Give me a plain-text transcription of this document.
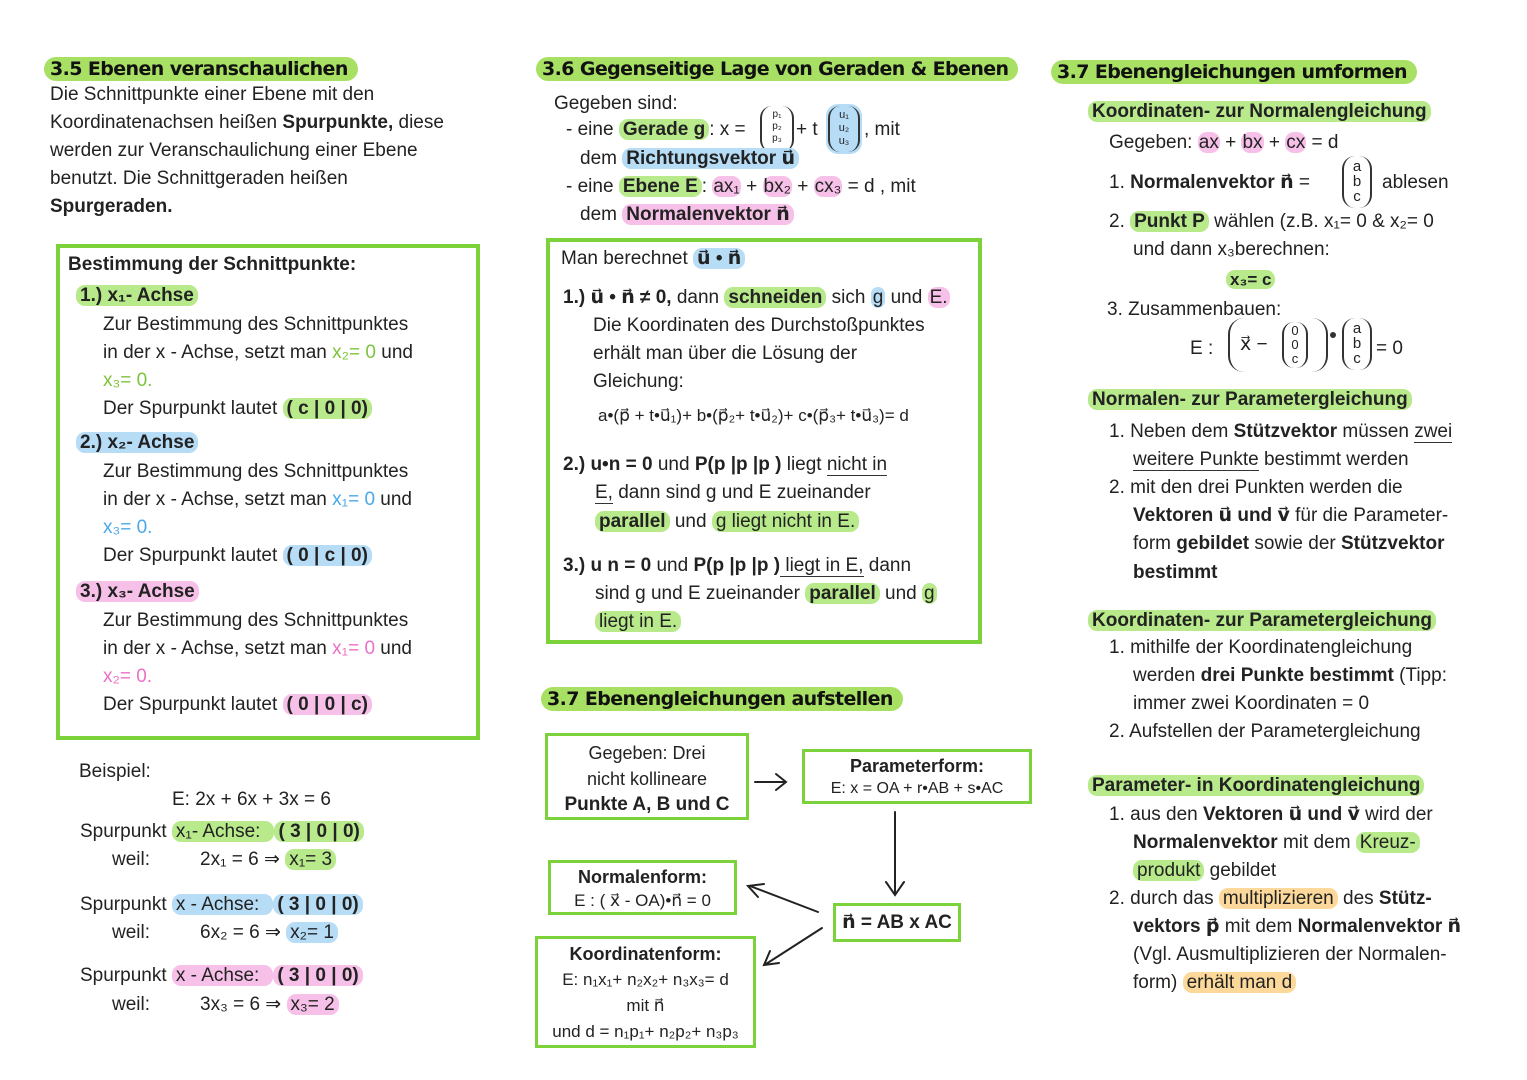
3.5 Ebenen veranschaulichen
Die Schnittpunkte einer Ebene mit den
Koordinatenachsen heißen Spurpunkte, diese
werden zur Veranschaulichung einer Ebene
benutzt. Die Schnittgeraden heißen
Spurgeraden.
Bestimmung der Schnittpunkte:
1.) x₁- Achse
Zur Bestimmung des Schnittpunktes
in der x - Achse, setzt man x₂= 0 und
x₃= 0.
Der Spurpunkt lautet ( c | 0 | 0)
2.) x₂- Achse
Zur Bestimmung des Schnittpunktes
in der x - Achse, setzt man x₁= 0 und
x₃= 0.
Der Spurpunkt lautet ( 0 | c | 0)
3.) x₃- Achse
Zur Bestimmung des Schnittpunktes
in der x - Achse, setzt man x₁= 0 und
x₂= 0.
Der Spurpunkt lautet ( 0 | 0 | c)
Beispiel:
E: 2x + 6x + 3x = 6
Spurpunkt x₁- Achse: ( 3 | 0 | 0)
weil:	2x₁ = 6 ⇒ x₁= 3
Spurpunkt x - Achse: ( 3 | 0 | 0)
weil:	6x₂ = 6 ⇒ x₂= 1
Spurpunkt x - Achse: ( 3 | 0 | 0)
weil:	3x₃ = 6 ⇒ x₃= 2
3.6 Gegenseitige Lage von Geraden & Ebenen
Gegeben sind:
- eine Gerade g : x =
p₁
p₂
p₃ + t
u₁
u₂
u₃
, mit
dem Richtungsvektor u⃗
- eine Ebene E : ax₁ + bx₂ + cx₃ = d , mit
dem Normalenvektor n⃗
Man berechnet u⃗ • n⃗
1.) u⃗ • n⃗ ≠ 0, dann schneiden sich g und E.
Die Koordinaten des Durchstoßpunktes
erhält man über die Lösung der
Gleichung:
a•(p⃗ + t•u⃗₁)+ b•(p⃗₂+ t•u⃗₂)+ c•(p⃗₃+ t•u⃗₃)= d
2.) u•n = 0 und P(p |p |p ) liegt nicht in
E, dann sind g und E zueinander
parallel und g liegt nicht in E.
3.) u n = 0 und P(p |p |p ) liegt in E, dann
sind g und E zueinander parallel und g
liegt in E.
3.7 Ebenengleichungen aufstellen
Gegeben: Drei
nicht kollineare
Punkte A, B und C
Parameterform:
E: x = OA + r•AB + s•AC
Normalenform:
E : ( x⃗ - OA)•n⃗ = 0
Koordinatenform:
E: n₁x₁+ n₂x₂+ n₃x₃= d
mit n⃗
und d = n₁p₁+ n₂p₂+ n₃p₃
n⃗ = AB x AC
3.7 Ebenengleichungen umformen
Koordinaten- zur Normalengleichung
Gegeben: ax + bx + cx = d
1. Normalenvektor n⃗ =
a
b
c
ablesen
2. Punkt P wählen (z.B. x₁= 0 & x₂= 0
und dann x₃berechnen:
x₃= c
3. Zusammenbauen:
E : x⃗ −
0
0
c
a
b
c = 0
Normalen- zur Parametergleichung
1. Neben dem Stützvektor müssen zwei
weitere Punkte bestimmt werden
2. mit den drei Punkten werden die
Vektoren u⃗ und v⃗ für die Parameter-
form gebildet sowie der Stützvektor
bestimmt
Koordinaten- zur Parametergleichung
1. mithilfe der Koordinatengleichung
werden drei Punkte bestimmt (Tipp:
immer zwei Koordinaten = 0
2. Aufstellen der Parametergleichung
Parameter- in Koordinatengleichung
1. aus den Vektoren u⃗ und v⃗ wird der
Normalenvektor mit dem Kreuz-
produkt gebildet
2. durch das multiplizieren des Stütz-
vektors p⃗ mit dem Normalenvektor n⃗
(Vgl. Ausmultiplizieren der Normalen-
form) erhält man d
